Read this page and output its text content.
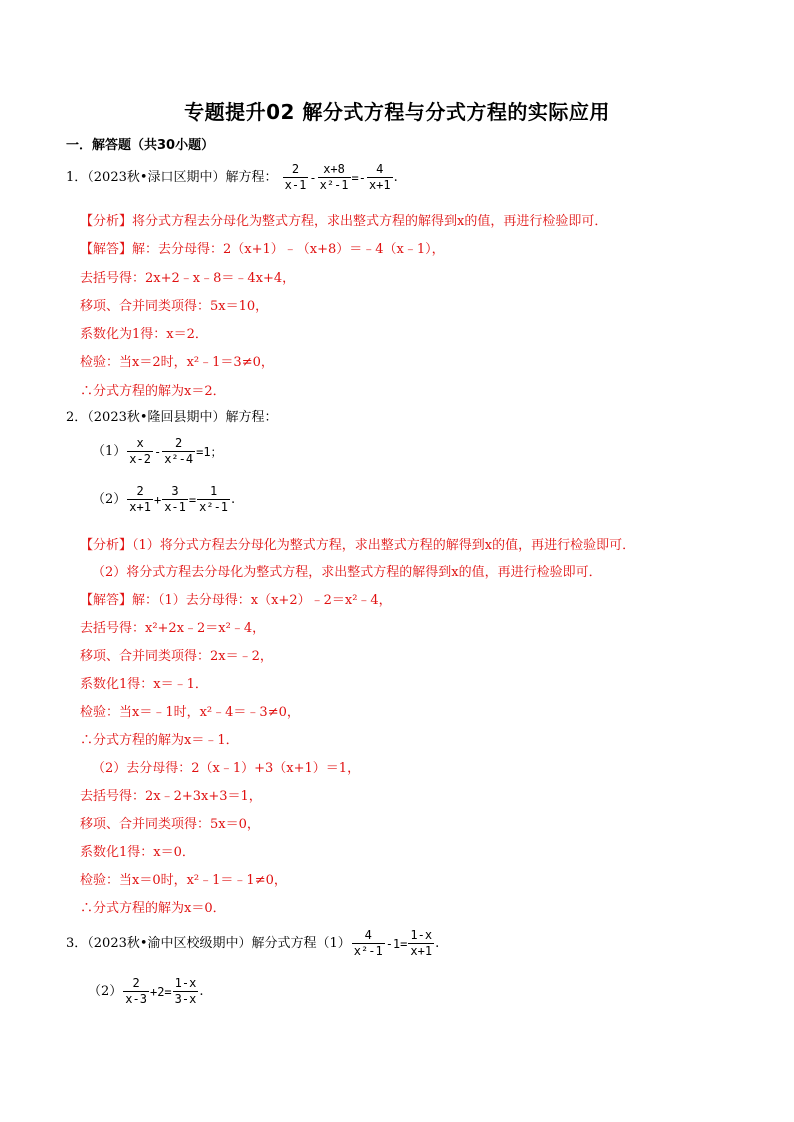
专题提升02 解分式方程与分式方程的实际应用
一．解答题（共30小题）
1．（2023秋•渌口区期中）解方程： $\frac{2}{x-1} - \frac{x+8}{\text{x²-1}} =- \frac{4}{x+1}$ .
【分析】将分式方程去分母化为整式方程，求出整式方程的解得到x的值，再进行检验即可．
【解答】解：去分母得：2（x+1）﹣（x+8）＝﹣4（x﹣1），
去括号得：2x+2﹣x﹣8＝﹣4x+4，
移项、合并同类项得：5x＝10，
系数化为1得：x＝2．
检验：当x＝2时，x²﹣1＝3≠0，
∴分式方程的解为x＝2．
2．（2023秋•隆回县期中）解方程：
$(1) \frac{x}{x-2} - \frac{2}{\text{x²-4}} =1$；
$(2) \frac{2}{x+1} + \frac{3}{x-1} = \frac{1}{\text{x²-1}}$ .
【分析】（1）将分式方程去分母化为整式方程，求出整式方程的解得到x的值，再进行检验即可．
（2）将分式方程去分母化为整式方程，求出整式方程的解得到x的值，再进行检验即可．
【解答】解：（1）去分母得：x（x+2）﹣2＝x²﹣4，
去括号得：x²+2x﹣2＝x²﹣4，
移项、合并同类项得：2x＝﹣2，
系数化1得：x＝﹣1．
检验：当x＝﹣1时，x²﹣4＝﹣3≠0，
∴分式方程的解为x＝﹣1．
（2）去分母得：2（x﹣1）+3（x+1）＝1，
去括号得：2x﹣2+3x+3＝1，
移项、合并同类项得：5x＝0，
系数化1得：x＝0．
检验：当x＝0时，x²﹣1＝﹣1≠0，
∴分式方程的解为x＝0．
3．（2023秋•渝中区校级期中）解分式方程$(1) \frac{4}{\text{x²-1}} -1= \frac{1-x}{x+1}$ .
$(2) \frac{2}{x-3} +2= \frac{1-x}{3-x}$ .
